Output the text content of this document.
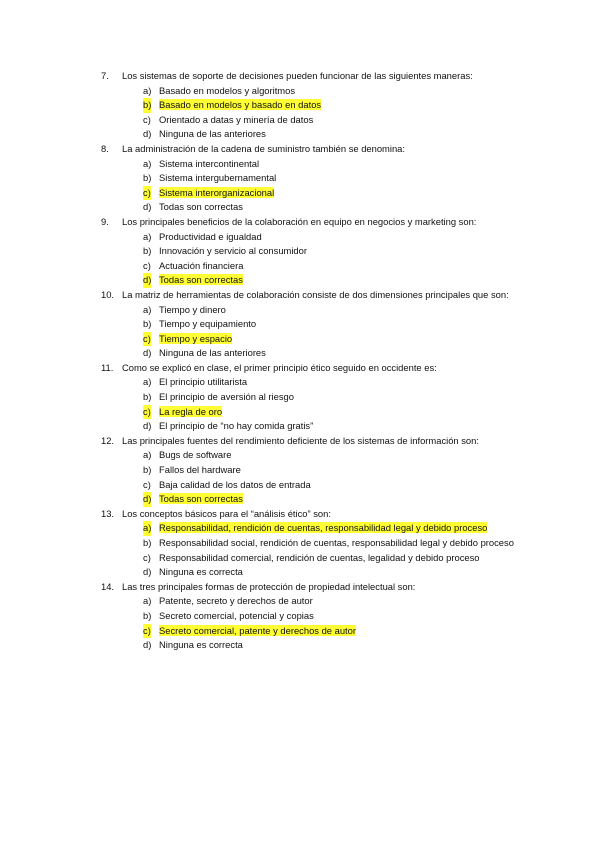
7. Los sistemas de soporte de decisiones pueden funcionar de las siguientes maneras:
a) Basado en modelos y algoritmos
b) Basado en modelos y basado en datos
c) Orientado a datas y minería de datos
d) Ninguna de las anteriores
8. La administración de la cadena de suministro también se denomina:
a) Sistema intercontinental
b) Sistema intergubernamental
c) Sistema interorganizacional
d) Todas son correctas
9. Los principales beneficios de la colaboración en equipo en negocios y marketing son:
a) Productividad e igualdad
b) Innovación y servicio al consumidor
c) Actuación financiera
d) Todas son correctas
10. La matriz de herramientas de colaboración consiste de dos dimensiones principales que son:
a) Tiempo y dinero
b) Tiempo y equipamiento
c) Tiempo y espacio
d) Ninguna de las anteriores
11. Como se explicó en clase, el primer principio ético seguido en occidente es:
a) El principio utilitarista
b) El principio de aversión al riesgo
c) La regla de oro
d) El principio de “no hay comida gratis”
12. Las principales fuentes del rendimiento deficiente de los sistemas de información son:
a) Bugs de software
b) Fallos del hardware
c) Baja calidad de los datos de entrada
d) Todas son correctas
13. Los conceptos básicos para el “análisis ético” son:
a) Responsabilidad, rendición de cuentas, responsabilidad legal y debido proceso
b) Responsabilidad social, rendición de cuentas, responsabilidad legal y debido proceso
c) Responsabilidad comercial, rendición de cuentas, legalidad y debido proceso
d) Ninguna es correcta
14. Las tres principales formas de protección de propiedad intelectual son:
a) Patente, secreto y derechos de autor
b) Secreto comercial, potencial y copias
c) Secreto comercial, patente y derechos de autor
d) Ninguna es correcta
